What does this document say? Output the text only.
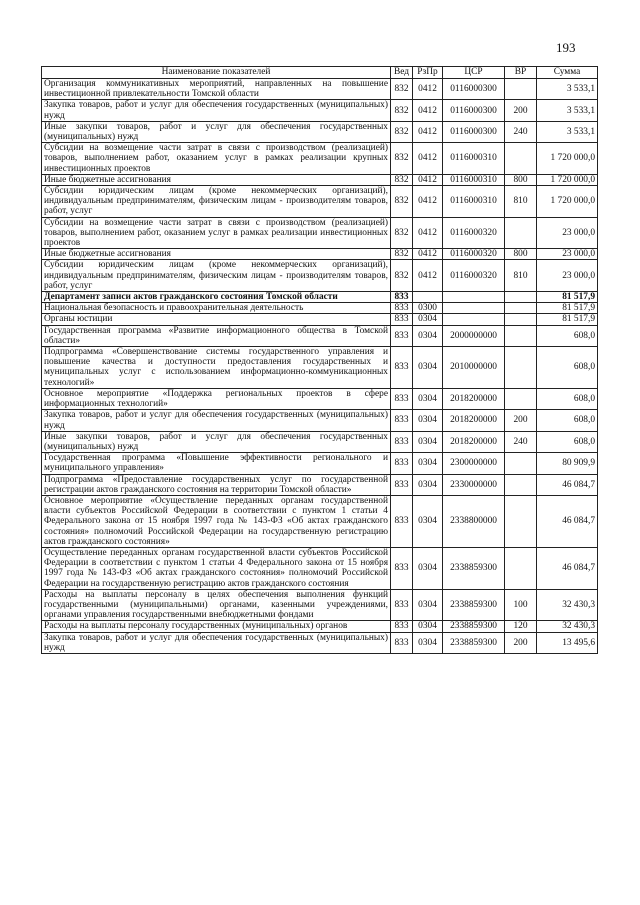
193
Наименование показателей	Вед	РзПр	ЦСР	ВР	Сумма
Организация коммуникативных мероприятий, направленных на повышение инвестиционной привлекательности Томской области	832	0412	0116000300		3 533,1
Закупка товаров, работ и услуг для обеспечения государственных (муниципальных) нужд	832	0412	0116000300	200	3 533,1
Иные закупки товаров, работ и услуг для обеспечения государственных (муниципальных) нужд	832	0412	0116000300	240	3 533,1
Субсидии на возмещение части затрат в связи с производством (реализацией) товаров, выполнением работ, оказанием услуг в рамках реализации крупных инвестиционных проектов	832	0412	0116000310		1 720 000,0
Иные бюджетные ассигнования	832	0412	0116000310	800	1 720 000,0
Субсидии юридическим лицам (кроме некоммерческих организаций), индивидуальным предпринимателям, физическим лицам - производителям товаров, работ, услуг	832	0412	0116000310	810	1 720 000,0
Субсидии на возмещение части затрат в связи с производством (реализацией) товаров, выполнением работ, оказанием услуг в рамках реализации инвестиционных проектов	832	0412	0116000320		23 000,0
Иные бюджетные ассигнования	832	0412	0116000320	800	23 000,0
Субсидии юридическим лицам (кроме некоммерческих организаций), индивидуальным предпринимателям, физическим лицам - производителям товаров, работ, услуг	832	0412	0116000320	810	23 000,0
Департамент записи актов гражданского состояния Томской области	833				81 517,9
Национальная безопасность и правоохранительная деятельность	833	0300			81 517,9
Органы юстиции	833	0304			81 517,9
Государственная программа «Развитие информационного общества в Томской области»	833	0304	2000000000		608,0
Подпрограмма «Совершенствование системы государственного управления и повышение качества и доступности предоставления государственных и муниципальных услуг с использованием информационно-коммуникационных технологий»	833	0304	2010000000		608,0
Основное мероприятие «Поддержка региональных проектов в сфере информационных технологий»	833	0304	2018200000		608,0
Закупка товаров, работ и услуг для обеспечения государственных (муниципальных) нужд	833	0304	2018200000	200	608,0
Иные закупки товаров, работ и услуг для обеспечения государственных (муниципальных) нужд	833	0304	2018200000	240	608,0
Государственная программа «Повышение эффективности регионального и муниципального управления»	833	0304	2300000000		80 909,9
Подпрограмма «Предоставление государственных услуг по государственной регистрации актов гражданского состояния на территории Томской области»	833	0304	2330000000		46 084,7
Основное мероприятие «Осуществление переданных органам государственной власти субъектов Российской Федерации в соответствии с пунктом 1 статьи 4 Федерального закона от 15 ноября 1997 года № 143-ФЗ «Об актах гражданского состояния» полномочий Российской Федерации на государственную регистрацию актов гражданского состояния»	833	0304	2338800000		46 084,7
Осуществление переданных органам государственной власти субъектов Российской Федерации в соответствии с пунктом 1 статьи 4 Федерального закона от 15 ноября 1997 года № 143-ФЗ «Об актах гражданского состояния» полномочий Российской Федерации на государственную регистрацию актов гражданского состояния	833	0304	2338859300		46 084,7
Расходы на выплаты персоналу в целях обеспечения выполнения функций государственными (муниципальными) органами, казенными учреждениями, органами управления государственными внебюджетными фондами	833	0304	2338859300	100	32 430,3
Расходы на выплаты персоналу государственных (муниципальных) органов	833	0304	2338859300	120	32 430,3
Закупка товаров, работ и услуг для обеспечения государственных (муниципальных) нужд	833	0304	2338859300	200	13 495,6
